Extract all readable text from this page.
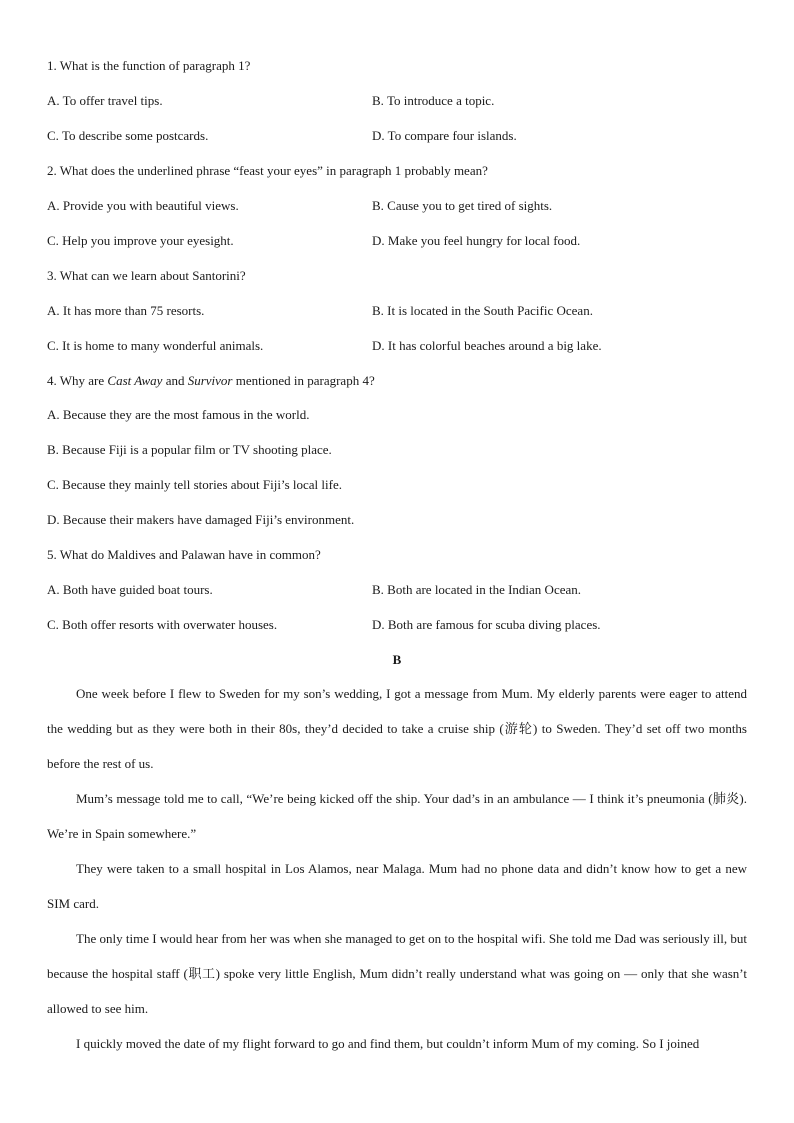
1. What is the function of paragraph 1?
A. To offer travel tips.	B. To introduce a topic.
C. To describe some postcards.	D. To compare four islands.
2. What does the underlined phrase “feast your eyes” in paragraph 1 probably mean?
A. Provide you with beautiful views.	B. Cause you to get tired of sights.
C. Help you improve your eyesight.	D. Make you feel hungry for local food.
3. What can we learn about Santorini?
A. It has more than 75 resorts.	B. It is located in the South Pacific Ocean.
C. It is home to many wonderful animals.	D. It has colorful beaches around a big lake.
4. Why are Cast Away and Survivor mentioned in paragraph 4?
A. Because they are the most famous in the world.
B. Because Fiji is a popular film or TV shooting place.
C. Because they mainly tell stories about Fiji’s local life.
D. Because their makers have damaged Fiji’s environment.
5. What do Maldives and Palawan have in common?
A. Both have guided boat tours.	B. Both are located in the Indian Ocean.
C. Both offer resorts with overwater houses.	D. Both are famous for scuba diving places.
B

One week before I flew to Sweden for my son’s wedding, I got a message from Mum. My elderly parents were eager to attend the wedding but as they were both in their 80s, they’d decided to take a cruise ship (游轮) to Sweden. They’d set off two months before the rest of us.

Mum’s message told me to call, “We’re being kicked off the ship. Your dad’s in an ambulance — I think it’s pneumonia (肺炎). We’re in Spain somewhere.”

They were taken to a small hospital in Los Alamos, near Malaga. Mum had no phone data and didn’t know how to get a new SIM card.

The only time I would hear from her was when she managed to get on to the hospital wifi. She told me Dad was seriously ill, but because the hospital staff (职工) spoke very little English, Mum didn’t really understand what was going on — only that she wasn’t allowed to see him.

I quickly moved the date of my flight forward to go and find them, but couldn’t inform Mum of my coming. So I joined
